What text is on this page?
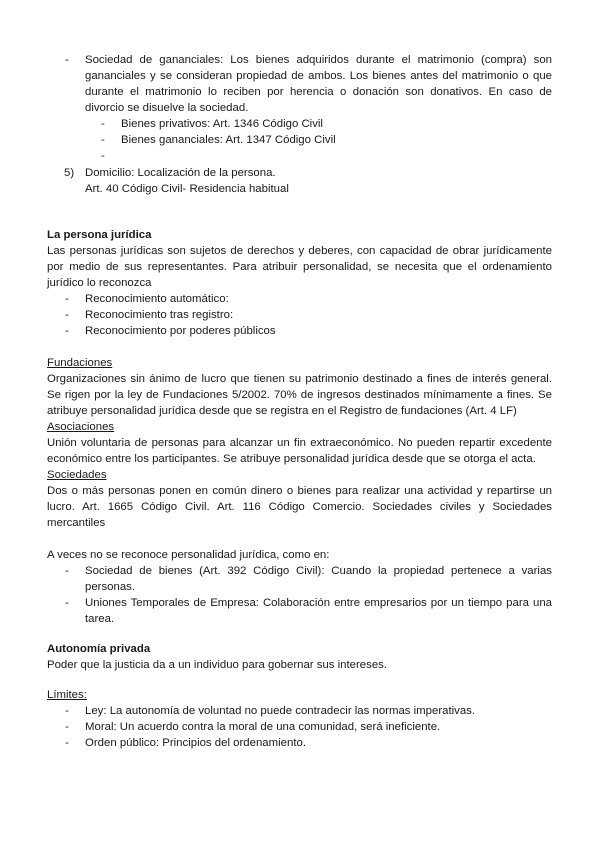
- Sociedad de gananciales: Los bienes adquiridos durante el matrimonio (compra) son gananciales y se consideran propiedad de ambos. Los bienes antes del matrimonio o que durante el matrimonio lo reciben por herencia o donación son donativos. En caso de divorcio se disuelve la sociedad.
- Bienes privativos: Art. 1346 Código Civil
- Bienes gananciales: Art. 1347 Código Civil
-
5) Domicilio: Localización de la persona.
Art. 40 Código Civil- Residencia habitual
La persona jurídica
Las personas jurídicas son sujetos de derechos y deberes, con capacidad de obrar jurídicamente por medio de sus representantes. Para atribuir personalidad, se necesita que el ordenamiento jurídico lo reconozca
- Reconocimiento automático:
- Reconocimiento tras registro:
- Reconocimiento por poderes públicos
Fundaciones
Organizaciones sin ánimo de lucro que tienen su patrimonio destinado a fines de interés general. Se rigen por la ley de Fundaciones 5/2002. 70% de ingresos destinados mínimamente a fines. Se atribuye personalidad jurídica desde que se registra en el Registro de fundaciones (Art. 4 LF)
Asociaciones
Unión voluntaria de personas para alcanzar un fin extraeconómico. No pueden repartir excedente económico entre los participantes. Se atribuye personalidad jurídica desde que se otorga el acta.
Sociedades
Dos o más personas ponen en común dinero o bienes para realizar una actividad y repartirse un lucro. Art. 1665 Código Civil. Art. 116 Código Comercio. Sociedades civiles y Sociedades mercantiles
A veces no se reconoce personalidad jurídica, como en:
- Sociedad de bienes (Art. 392 Código Civil): Cuando la propiedad pertenece a varias personas.
- Uniones Temporales de Empresa: Colaboración entre empresarios por un tiempo para una tarea.
Autonomía privada
Poder que la justicia da a un individuo para gobernar sus intereses.
Límites:
- Ley: La autonomía de voluntad no puede contradecir las normas imperativas.
- Moral: Un acuerdo contra la moral de una comunidad, será ineficiente.
- Orden público: Principios del ordenamiento.
